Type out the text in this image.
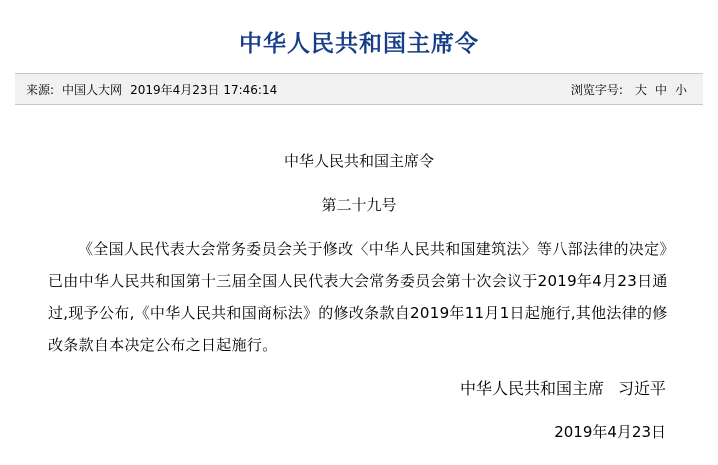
中华人民共和国主席令
来源: 中国人大网 2019年4月23日 17:46:14	浏览字号: 大 中 小
中华人民共和国主席令
第二十九号
《全国人民代表大会常务委员会关于修改〈中华人民共和国建筑法〉等八部法律的决定》已由中华人民共和国第十三届全国人民代表大会常务委员会第十次会议于2019年4月23日通过,现予公布,《中华人民共和国商标法》的修改条款自2019年11月1日起施行,其他法律的修改条款自本决定公布之日起施行。
中华人民共和国主席 习近平
2019年4月23日
